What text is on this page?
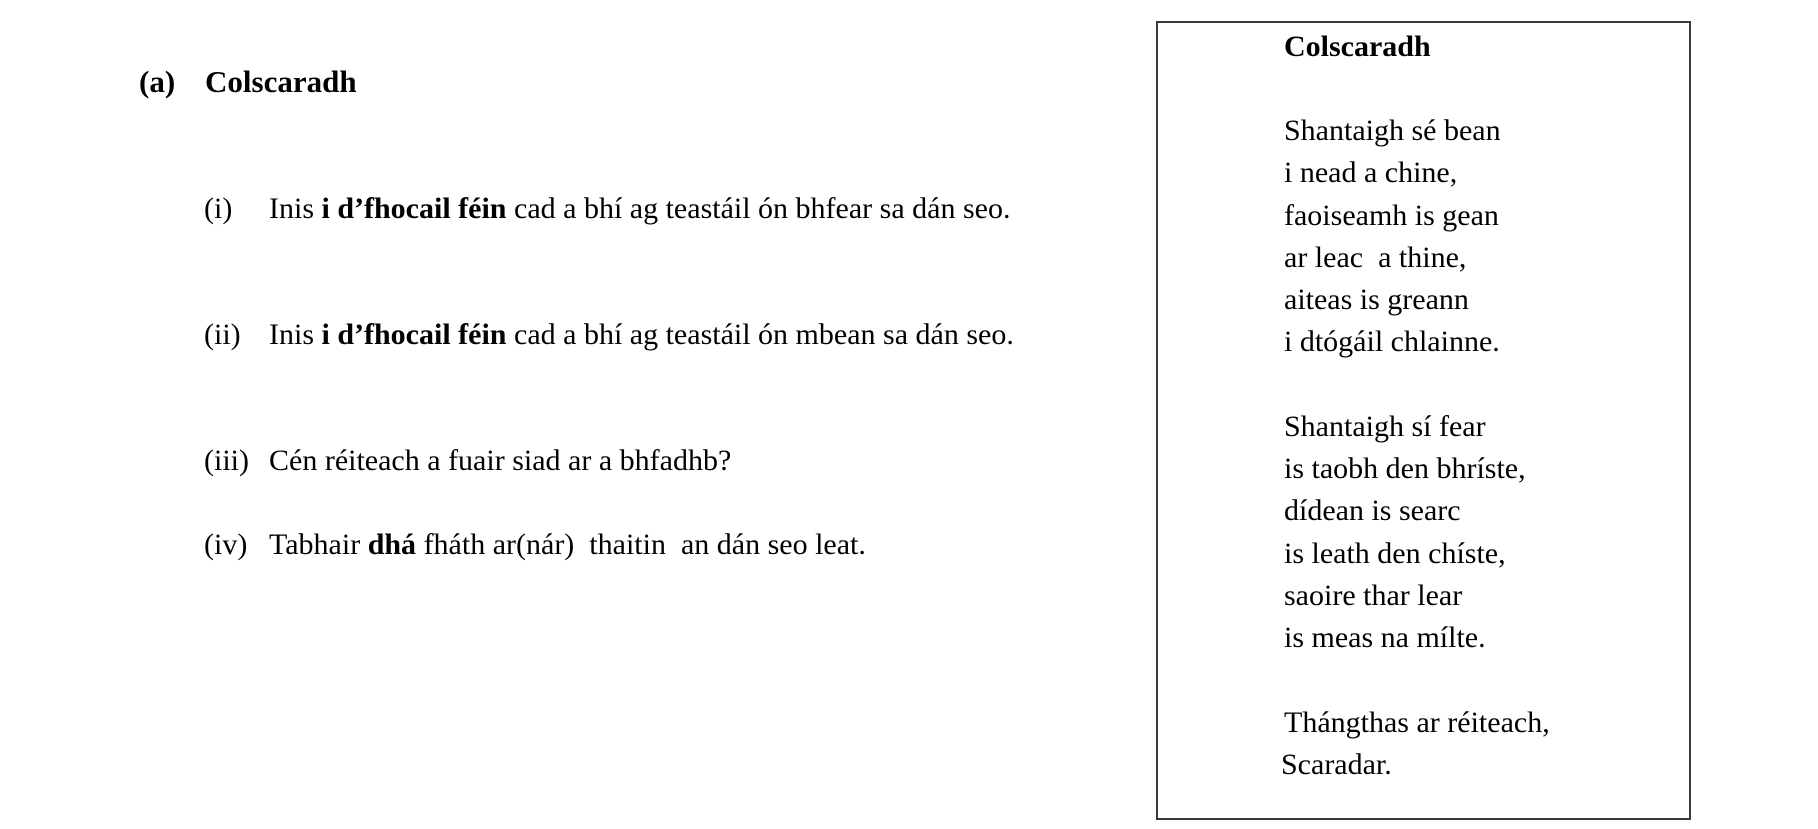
(a) Colscaradh
(i) Inis i d’fhocail féin cad a bhí ag teastáil ón bhfear sa dán seo.
(ii) Inis i d’fhocail féin cad a bhí ag teastáil ón mbean sa dán seo.
(iii) Cén réiteach a fuair siad ar a bhfadhb?
(iv) Tabhair dhá fháth ar(nár)  thaitin  an dán seo leat.
Colscaradh
Shantaigh sé bean
i nead a chine,
faoiseamh is gean
ar leac  a thine,
aiteas is greann
i dtógáil chlainne.
Shantaigh sí fear
is taobh den bhríste,
dídean is searc
is leath den chíste,
saoire thar lear
is meas na mílte.
Thángthas ar réiteach,
Scaradar.
